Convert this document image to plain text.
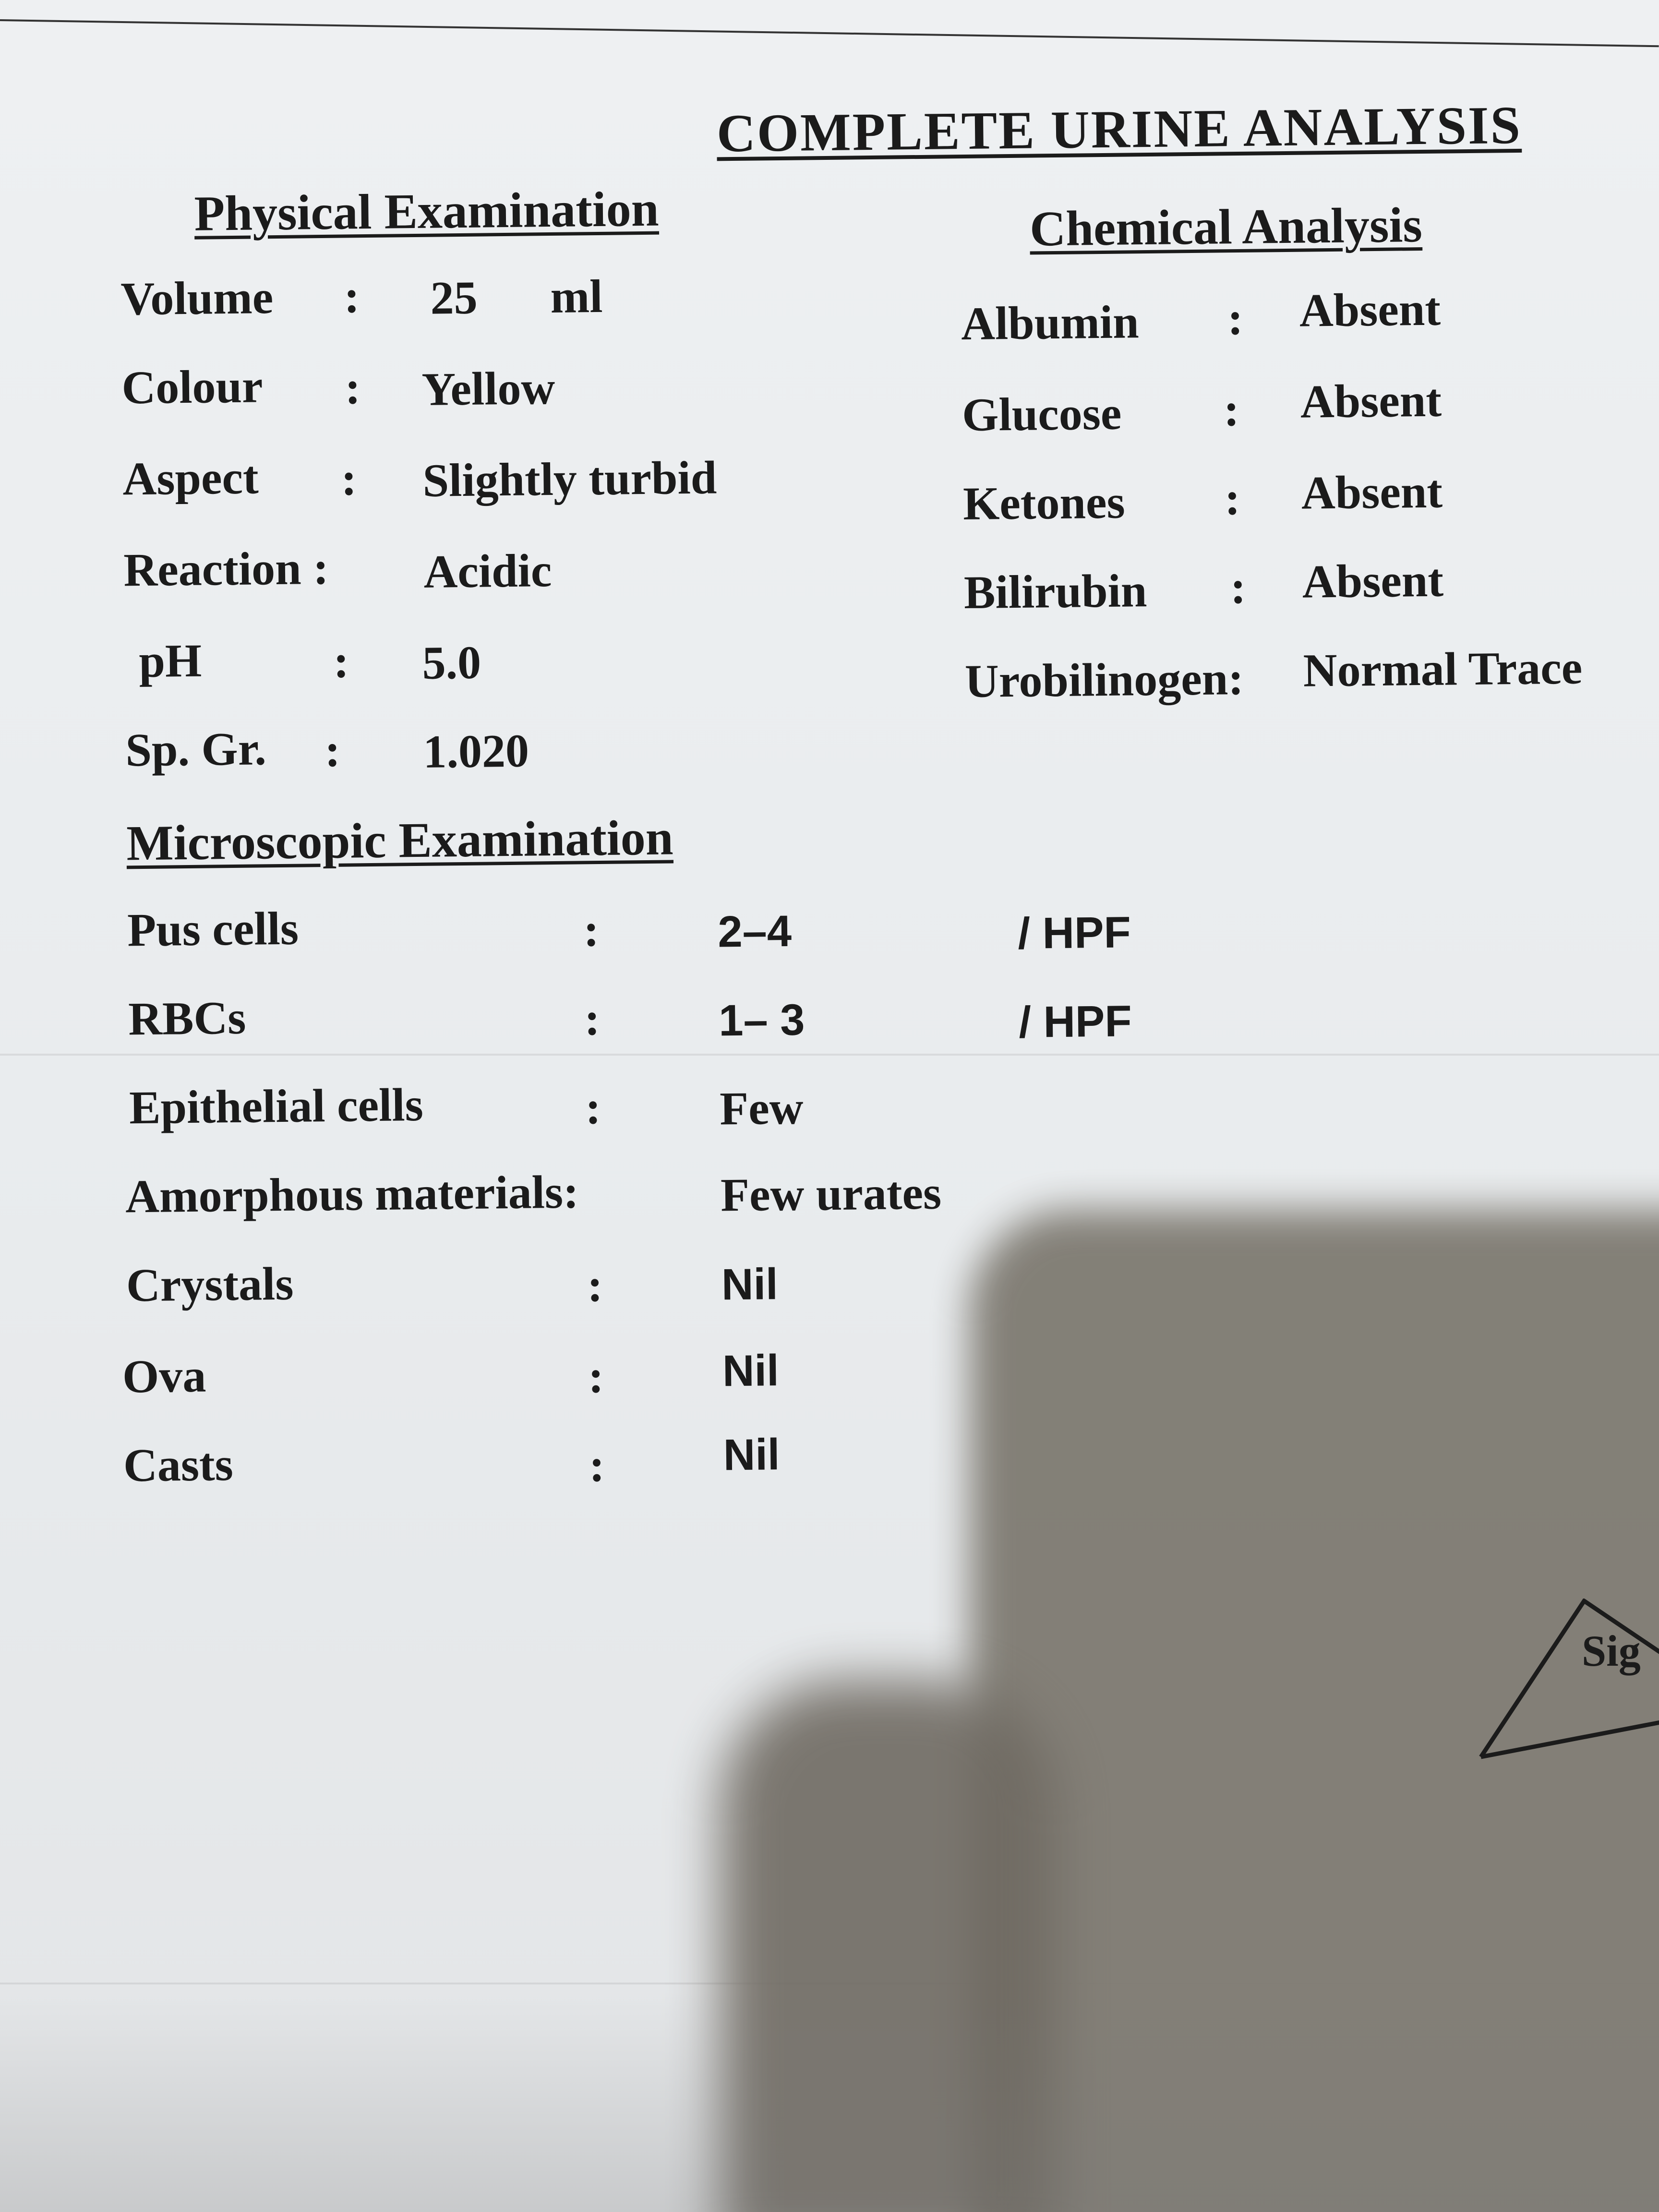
COMPLETE URINE ANALYSIS
Physical Examination
Volume : 25 ml
Colour : Yellow
Aspect : Slightly turbid
Reaction : Acidic
pH	: 5.0
Sp. Gr. : 1.020
Chemical Analysis
Albumin : Absent
Glucose : Absent
Ketones : Absent
Bilirubin : Absent
Urobilinogen: Normal Trace
Microscopic Examination
Pus cells	:	2–4	/ HPF
RBCs	:	1– 3	/ HPF
Epithelial cells	:	Few
Amorphous materials:	Few urates
Crystals	:	Nil
Ova	:	Nil
Casts	:	Nil
Sig
